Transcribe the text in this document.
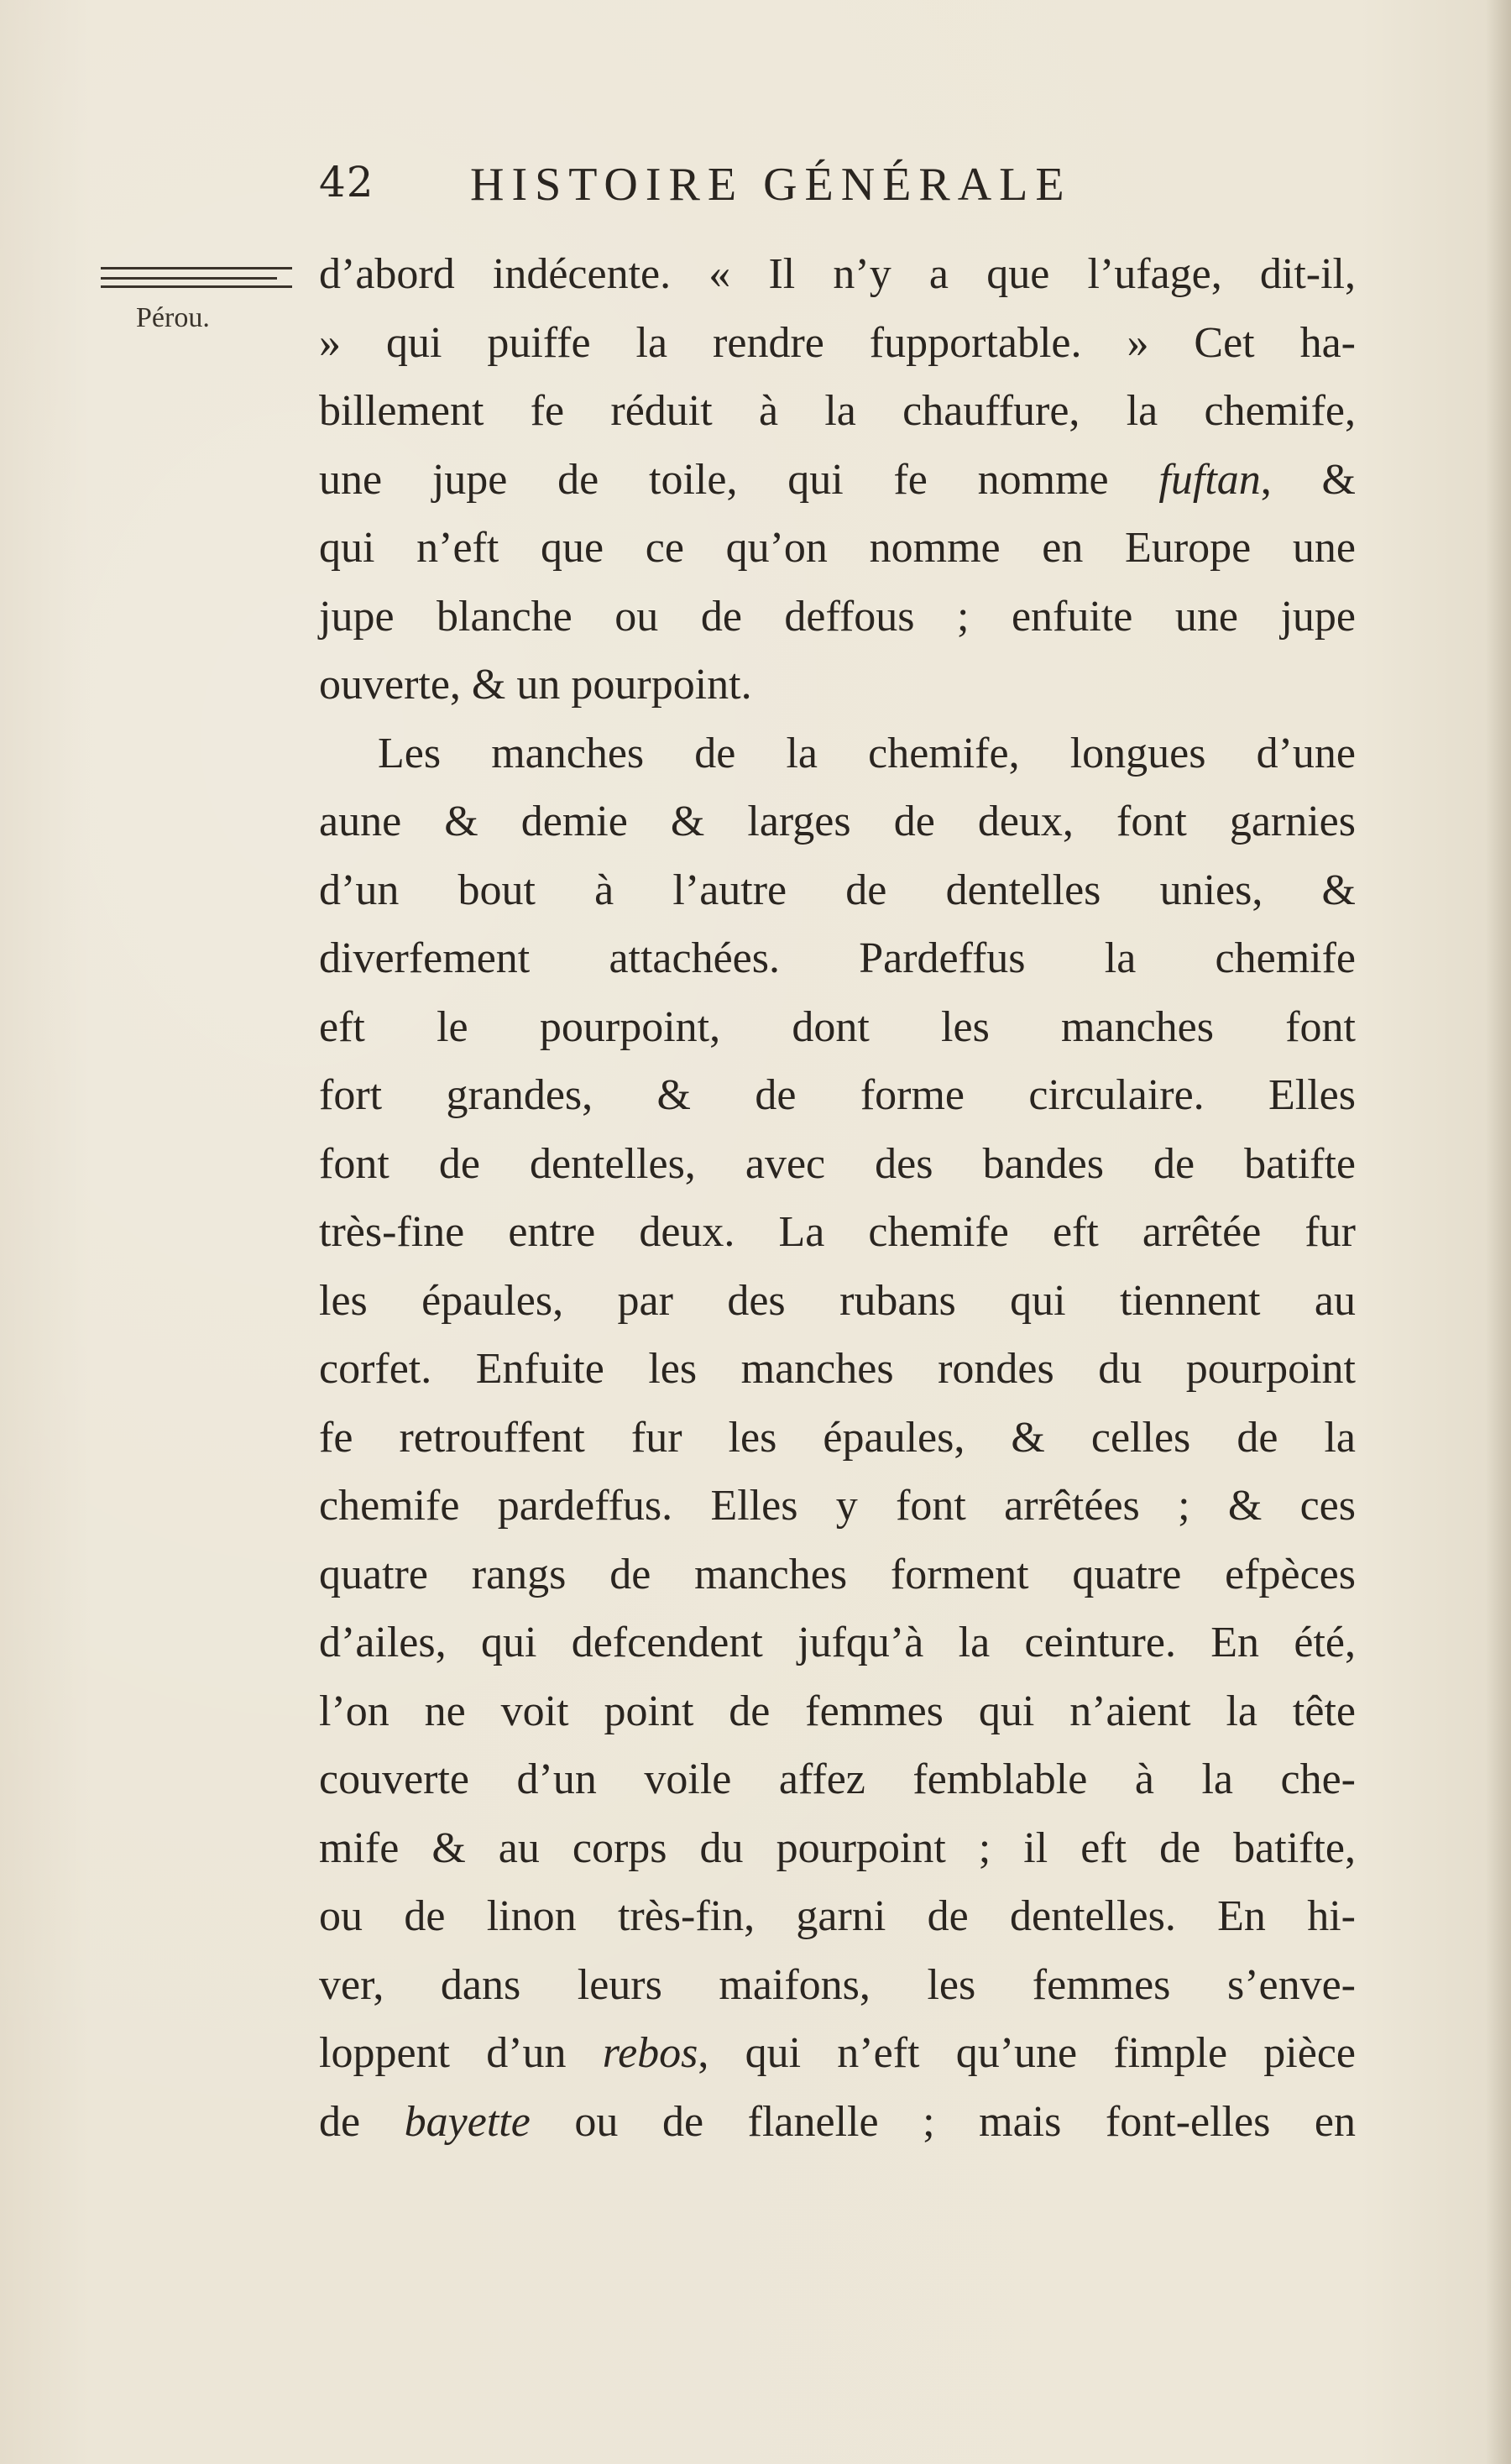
42 HISTOIRE GÉNÉRALE
Pérou.
d’abord indécente. « Il n’y a que l’ufage, dit-il,
» qui puiffe la rendre fupportable. » Cet ha-
billement fe réduit à la chauffure, la chemife,
une jupe de toile, qui fe nomme fuftan, &
qui n’eft que ce qu’on nomme en Europe une
jupe blanche ou de deffous ; enfuite une jupe
ouverte, & un pourpoint.
Les manches de la chemife, longues d’une
aune & demie & larges de deux, font garnies
d’un bout à l’autre de dentelles unies, &
diverfement attachées. Pardeffus la chemife
eft le pourpoint, dont les manches font
fort grandes, & de forme circulaire. Elles
font de dentelles, avec des bandes de batifte
très-fine entre deux. La chemife eft arrêtée fur
les épaules, par des rubans qui tiennent au
corfet. Enfuite les manches rondes du pourpoint
fe retrouffent fur les épaules, & celles de la
chemife pardeffus. Elles y font arrêtées ; & ces
quatre rangs de manches forment quatre efpèces
d’ailes, qui defcendent jufqu’à la ceinture. En été,
l’on ne voit point de femmes qui n’aient la tête
couverte d’un voile affez femblable à la che-
mife & au corps du pourpoint ; il eft de batifte,
ou de linon très-fin, garni de dentelles. En hi-
ver, dans leurs maifons, les femmes s’enve-
loppent d’un rebos, qui n’eft qu’une fimple pièce
de bayette ou de flanelle ; mais font-elles en
